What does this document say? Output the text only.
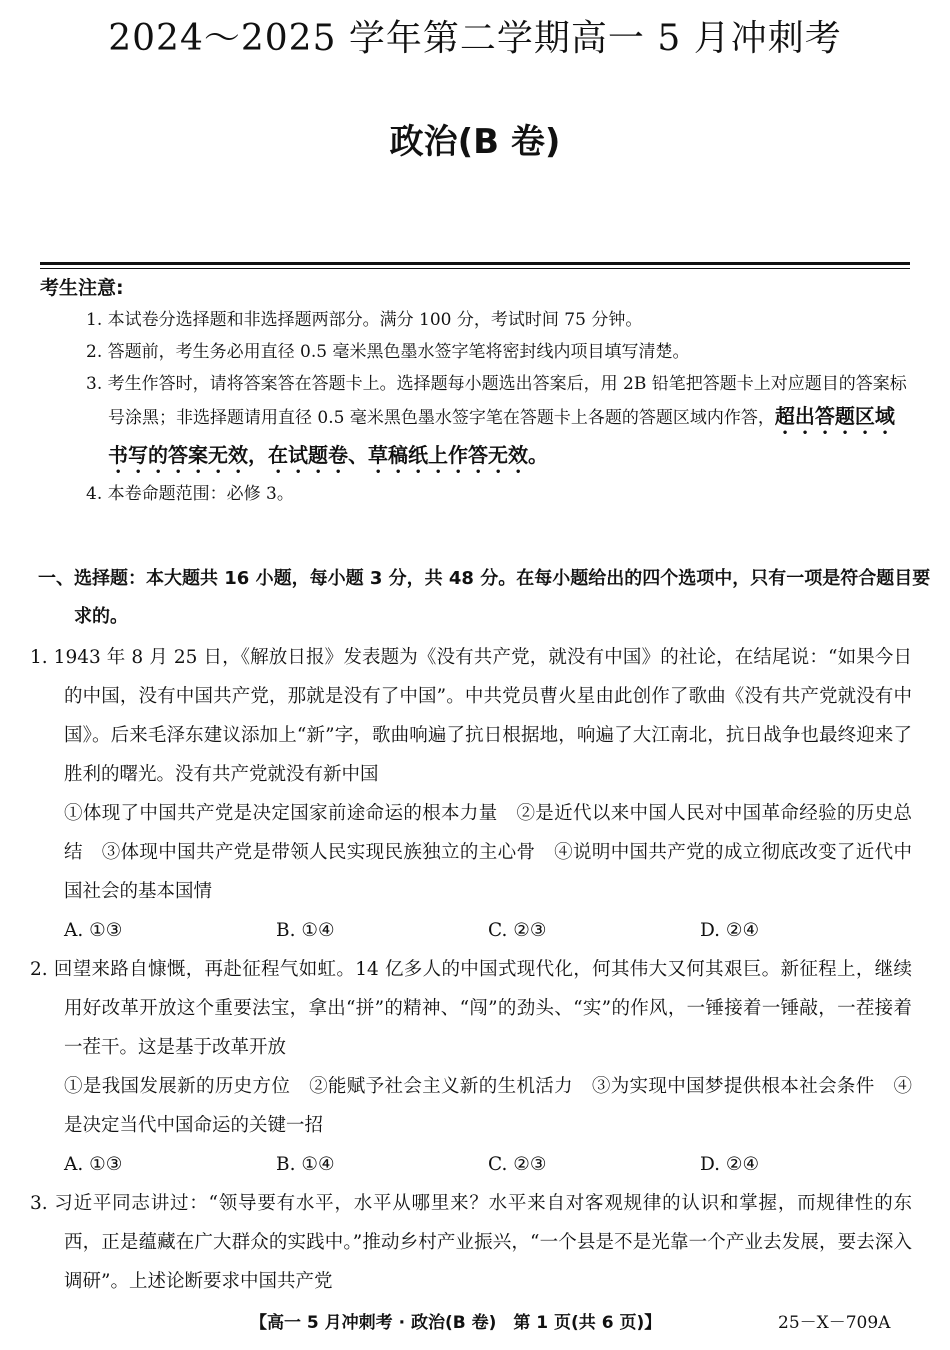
2024～2025 学年第二学期高一 5 月冲刺考
政治(B 卷)

考生注意:

1. 本试卷分选择题和非选择题两部分。满分 100 分，考试时间 75 分钟。

2. 答题前，考生务必用直径 0.5 毫米黑色墨水签字笔将密封线内项目填写清楚。

3. 考生作答时，请将答案答在答题卡上。选择题每小题选出答案后，用 2B 铅笔把答题卡上对应题目的答案标号涂黑；非选择题请用直径 0.5 毫米黑色墨水签字笔在答题卡上各题的答题区域内作答，超出答题区域书写的答案无效，在试题卷、草稿纸上作答无效。

4. 本卷命题范围：必修 3。

一、选择题：本大题共 16 小题，每小题 3 分，共 48 分。在每小题给出的四个选项中，只有一项是符合题目要求的。

1. 1943 年 8 月 25 日，《解放日报》发表题为《没有共产党，就没有中国》的社论，在结尾说：“如果今日的中国，没有中国共产党，那就是没有了中国”。中共党员曹火星由此创作了歌曲《没有共产党就没有中国》。后来毛泽东建议添加上“新”字，歌曲响遍了抗日根据地，响遍了大江南北，抗日战争也最终迎来了胜利的曙光。没有共产党就没有新中国

①体现了中国共产党是决定国家前途命运的根本力量　②是近代以来中国人民对中国革命经验的历史总结　③体现中国共产党是带领人民实现民族独立的主心骨　④说明中国共产党的成立彻底改变了近代中国社会的基本国情

A. ①③	B. ①④	C. ②③	D. ②④

2. 回望来路自慷慨，再赴征程气如虹。14 亿多人的中国式现代化，何其伟大又何其艰巨。新征程上，继续用好改革开放这个重要法宝，拿出“拼”的精神、“闯”的劲头、“实”的作风，一锤接着一锤敲，一茬接着一茬干。这是基于改革开放

①是我国发展新的历史方位　②能赋予社会主义新的生机活力　③为实现中国梦提供根本社会条件　④是决定当代中国命运的关键一招

A. ①③	B. ①④	C. ②③	D. ②④

3. 习近平同志讲过：“领导要有水平，水平从哪里来？水平来自对客观规律的认识和掌握，而规律性的东西，正是蕴藏在广大群众的实践中。”推动乡村产业振兴，“一个县是不是光靠一个产业去发展，要去深入调研”。上述论断要求中国共产党

【高一 5 月冲刺考 · 政治(B 卷)　第 1 页(共 6 页)】	25－X－709A
